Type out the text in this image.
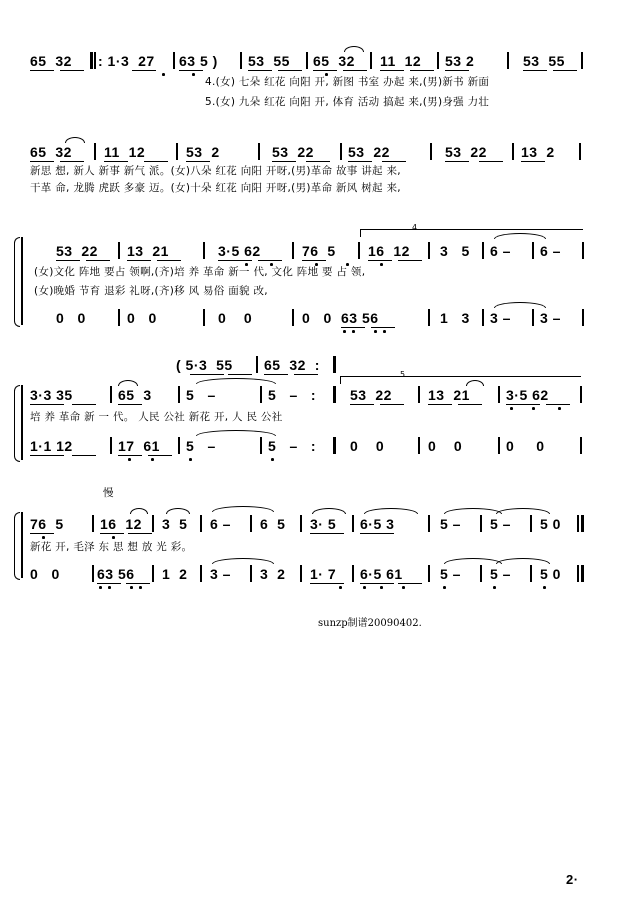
65  32 : 1·3  27 63 5 ) 53  55 65  32 11  12 53 2	53  55
4.(女) 七朵 红花 向阳 开, 新图 书室 办起 来,(男)新书 新面
5.(女) 九朵 红花 向阳 开, 体育 活动 搞起 来,(男)身强 力壮
65  32 11  12	53  2	53  22 53  22	53  22 13  2
新思 想, 新人 新事 新气 派。(女)八朵 红花 向阳 开呀,(男)革命 故事 讲起 来,
干革 命, 龙腾 虎跃 多豪 迈。(女)十朵 红花 向阳 开呀,(男)革命 新风 树起 来,
4
53  22 13  21	3·5 62	76  5 16  12 3   5 6 – 6 –
(女)文化 阵地 要占 领啊,(齐)培 养 革命 新一 代, 文化 阵地 要 占 领,
(女)晚婚 节育 退彩 礼呀,(齐)移 风 易俗 面貌 改,
0   0	0   0	0    0	0   0 63 56	1   3 3 – 3 –
( 5·3  55 65  32  :
5
3·3 35	65  3 5   –	5   –   : 53  22	13  21	3·5 62
培 养 革命 新 一 代。 人民 公社 新花 开, 人 民 公社
1·1 12	17  61 5   –	5   –   : 0    0	0    0	0     0
慢
76  5	16  12 3  5 6 – 6  5 3· 5 6·5 3	5 – 5 – 5 0
新花 开, 毛泽 东 思 想 放 光 彩。
0   0	63 56 1  2 3 – 3  2 1· 7 6·5 61	5 – 5 – 5 0
sunzp制谱20090402.
2·
